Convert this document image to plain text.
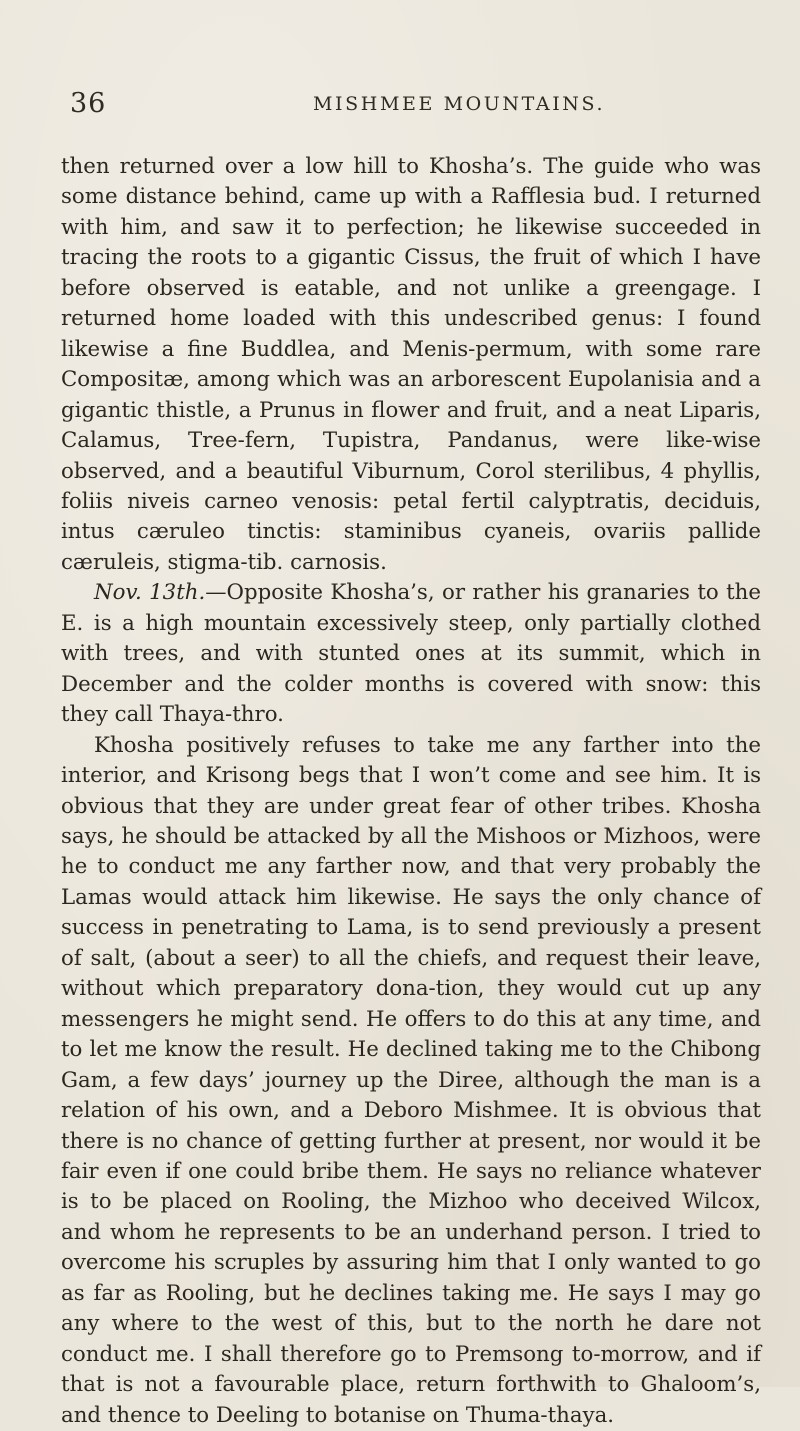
36	MISHMEE MOUNTAINS.

then returned over a low hill to Khosha’s. The guide who was some distance behind, came up with a Rafflesia bud. I returned with him, and saw it to perfection; he likewise succeeded in tracing the roots to a gigantic Cissus, the fruit of which I have before observed is eatable, and not unlike a greengage. I returned home loaded with this undescribed genus: I found likewise a fine Buddlea, and Menis-permum, with some rare Compositæ, among which was an arborescent Eupolanisia and a gigantic thistle, a Prunus in flower and fruit, and a neat Liparis, Calamus, Tree-fern, Tupistra, Pandanus, were like-wise observed, and a beautiful Viburnum, Corol sterilibus, 4 phyllis, foliis niveis carneo venosis: petal fertil calyptratis, deciduis, intus cæruleo tinctis: staminibus cyaneis, ovariis pallide cæruleis, stigma-tib. carnosis.

Nov. 13th.—Opposite Khosha’s, or rather his granaries to the E. is a high mountain excessively steep, only partially clothed with trees, and with stunted ones at its summit, which in December and the colder months is covered with snow: this they call Thaya-thro.

Khosha positively refuses to take me any farther into the interior, and Krisong begs that I won’t come and see him. It is obvious that they are under great fear of other tribes. Khosha says, he should be attacked by all the Mishoos or Mizhoos, were he to conduct me any farther now, and that very probably the Lamas would attack him likewise. He says the only chance of success in penetrating to Lama, is to send previously a present of salt, (about a seer) to all the chiefs, and request their leave, without which preparatory dona-tion, they would cut up any messengers he might send. He offers to do this at any time, and to let me know the result. He declined taking me to the Chibong Gam, a few days’ journey up the Diree, although the man is a relation of his own, and a Deboro Mishmee. It is obvious that there is no chance of getting further at present, nor would it be fair even if one could bribe them. He says no reliance whatever is to be placed on Rooling, the Mizhoo who deceived Wilcox, and whom he represents to be an underhand person. I tried to overcome his scruples by assuring him that I only wanted to go as far as Rooling, but he declines taking me. He says I may go any where to the west of this, but to the north he dare not conduct me. I shall therefore go to Premsong to-morrow, and if that is not a favourable place, return forthwith to Ghaloom’s, and thence to Deeling to botanise on Thuma-thaya.
